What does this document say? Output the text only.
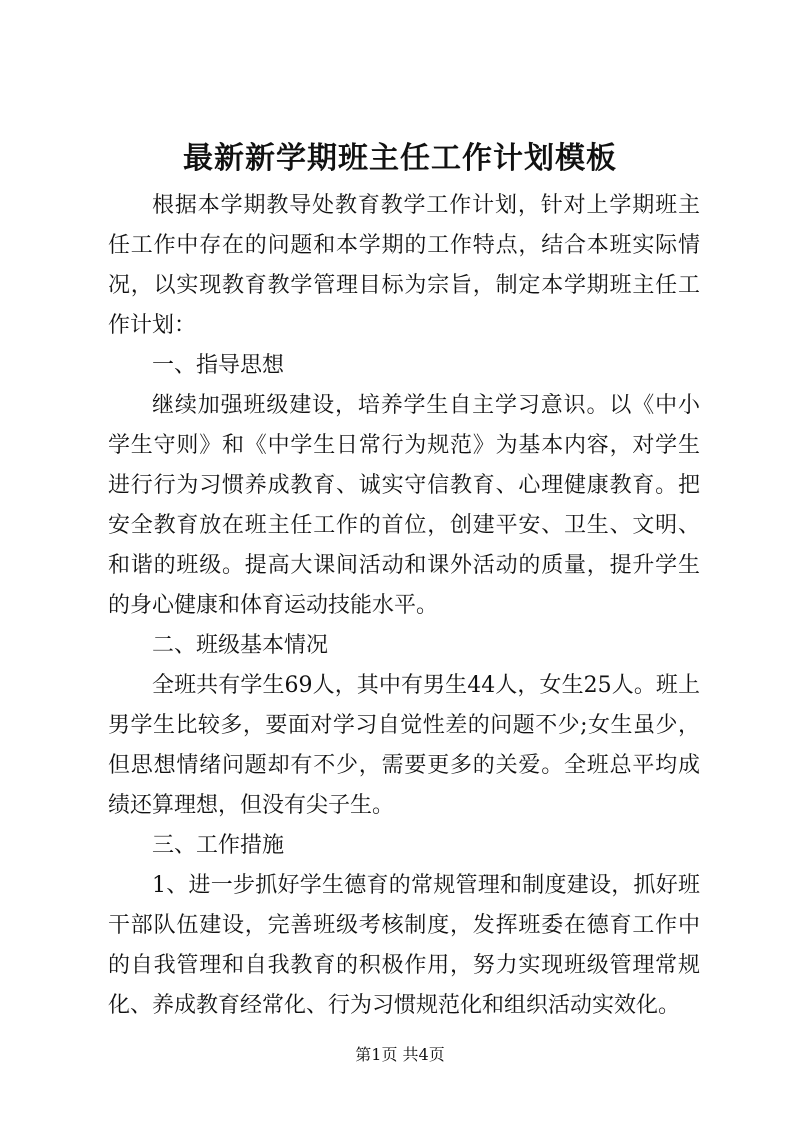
最新新学期班主任工作计划模板

根据本学期教导处教育教学工作计划，针对上学期班主任工作中存在的问题和本学期的工作特点，结合本班实际情况，以实现教育教学管理目标为宗旨，制定本学期班主任工作计划：

一、指导思想

继续加强班级建设，培养学生自主学习意识。以《中小学生守则》和《中学生日常行为规范》为基本内容，对学生进行行为习惯养成教育、诚实守信教育、心理健康教育。把安全教育放在班主任工作的首位，创建平安、卫生、文明、和谐的班级。提高大课间活动和课外活动的质量，提升学生的身心健康和体育运动技能水平。

二、班级基本情况

全班共有学生69人，其中有男生44人，女生25人。班上男学生比较多，要面对学习自觉性差的问题不少;女生虽少，但思想情绪问题却有不少，需要更多的关爱。全班总平均成绩还算理想，但没有尖子生。

三、工作措施

1、进一步抓好学生德育的常规管理和制度建设，抓好班干部队伍建设，完善班级考核制度，发挥班委在德育工作中的自我管理和自我教育的积极作用，努力实现班级管理常规化、养成教育经常化、行为习惯规范化和组织活动实效化。

第1页 共4页
